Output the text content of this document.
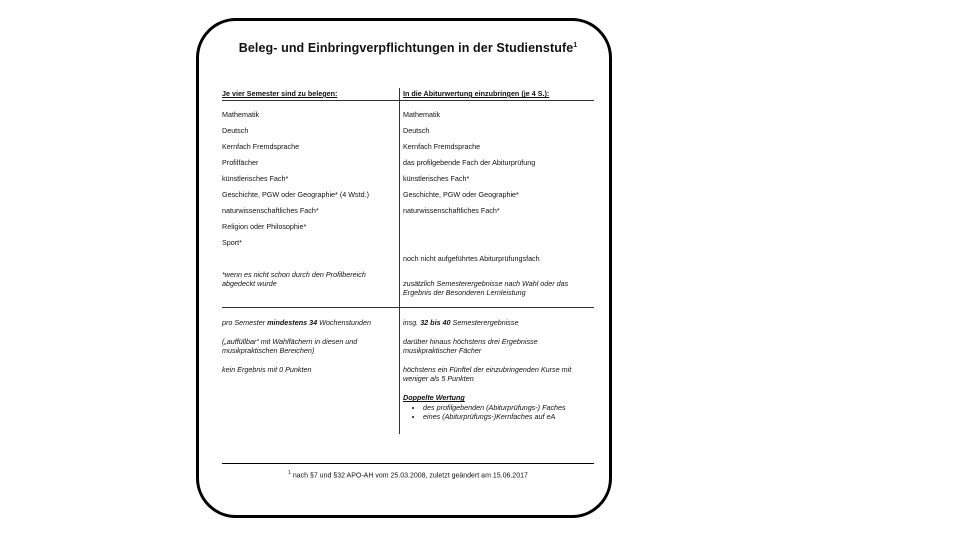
Beleg- und Einbringverpflichtungen in der Studienstufe$^1$
Je vier Semester sind zu belegen:	In die Abiturwertung einzubringen (je 4 S.):
Mathematik
Deutsch
Kernfach Fremdsprache
Profilfächer
künstlerisches Fach*
Geschichte, PGW oder Geographie* (4 Wstd.)
naturwissenschaftliches Fach*
Religion oder Philosophie*
Sport*
*wenn es nicht schon durch den Profilbereich abgedeckt wurde
Mathematik
Deutsch
Kernfach Fremdsprache
das profilgebende Fach der Abiturprüfung
künstlerisches Fach*
Geschichte, PGW oder Geographie*
naturwissenschaftliches Fach*
noch nicht aufgeführtes Abiturprüfungsfach
zusätzlich Semesterergebnisse nach Wahl oder das Ergebnis der Besonderen Lernleistung
pro Semester mindestens 34 Wochenstunden
(„auffüllbar“ mit Wahlfächern in diesen und musikpraktischen Bereichen)
kein Ergebnis mit 0 Punkten
insg. 32 bis 40 Semesterergebnisse
darüber hinaus höchstens drei Ergebnisse musikpraktischer Fächer
höchstens ein Fünftel der einzubringenden Kurse mit weniger als 5 Punkten
Doppelte Wertung
• des profilgebenden (Abiturprüfungs-) Faches
• eines (Abiturprüfungs-)Kernfaches auf eA
$^1$ nach §7 und §32 APO-AH vom 25.03.2008, zuletzt geändert am 15.06.2017
